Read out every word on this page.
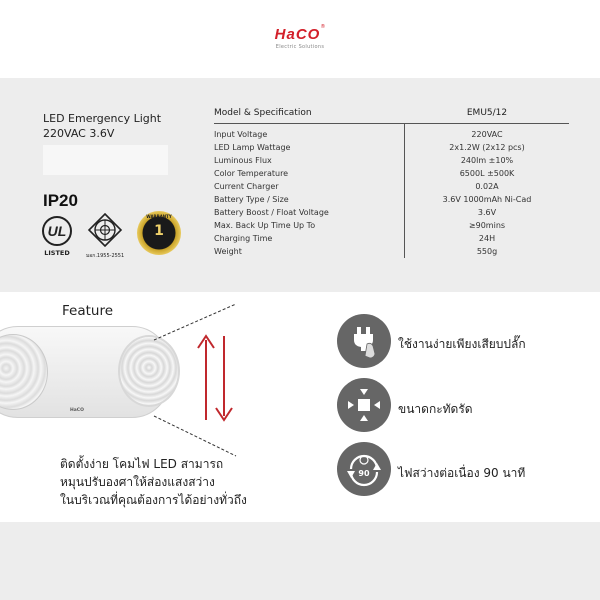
HaCO®
Electric Solutions
LED Emergency Light
220VAC 3.6V
IP20
UL
LISTED	มอก.1955-2551
WARRANTY
1
Model & Specification	EMU5/12
Input Voltage
LED Lamp Wattage
Luminous Flux
Color Temperature
Current Charger
Battery Type / Size
Battery Boost / Float Voltage
Max. Back Up Time Up To
Charging Time
Weight
220VAC
2x1.2W (2x12 pcs)
240lm ±10%
6500L ±500K
0.02A
3.6V 1000mAh Ni-Cad
3.6V
≥90mins
24H
550g
Feature
HaCO
ติดตั้งง่าย โคมไฟ LED สามารถ
หมุนปรับองศาให้ส่องแสงสว่าง
ในบริเวณที่คุณต้องการได้อย่างทั่วถึง
ใช้งานง่ายเพียงเสียบปลั๊ก
ขนาดกะทัดรัด
90 ไฟสว่างต่อเนื่อง 90 นาที
